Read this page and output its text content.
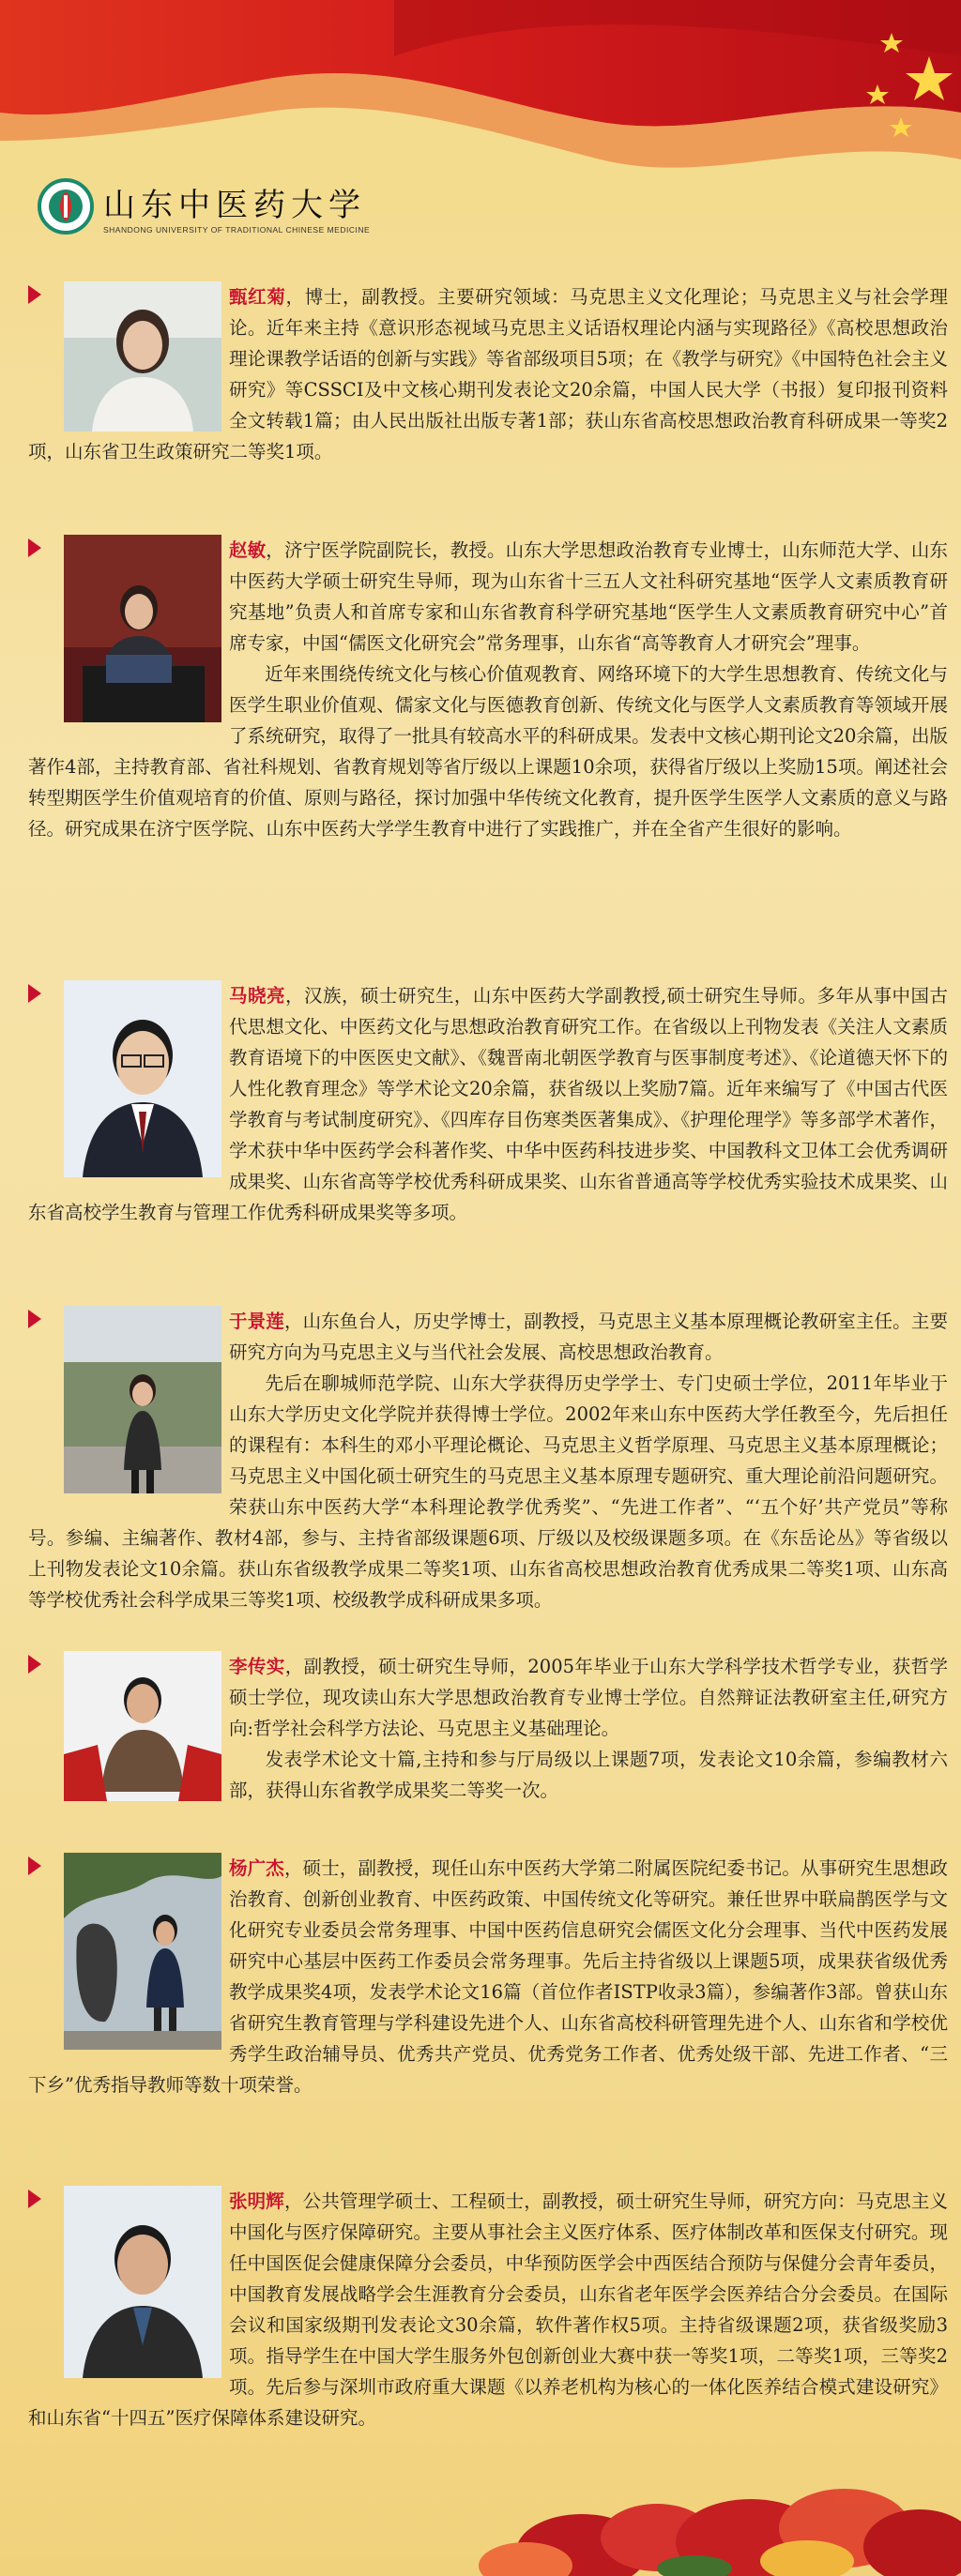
山东中医药大学
SHANDONG UNIVERSITY OF TRADITIONAL CHINESE MEDICINE

甄红菊，博士，副教授。主要研究领域：马克思主义文化理论；马克思主义与社会学理论。近年来主持《意识形态视域马克思主义话语权理论内涵与实现路径》《高校思想政治理论课教学话语的创新与实践》等省部级项目5项；在《教学与研究》《中国特色社会主义研究》等CSSCI及中文核心期刊发表论文20余篇，中国人民大学（书报）复印报刊资料全文转载1篇；由人民出版社出版专著1部；获山东省高校思想政治教育科研成果一等奖2项，山东省卫生政策研究二等奖1项。

赵敏，济宁医学院副院长，教授。山东大学思想政治教育专业博士，山东师范大学、山东中医药大学硕士研究生导师，现为山东省十三五人文社科研究基地“医学人文素质教育研究基地”负责人和首席专家和山东省教育科学研究基地“医学生人文素质教育研究中心”首席专家，中国“儒医文化研究会”常务理事，山东省“高等教育人才研究会”理事。

近年来围绕传统文化与核心价值观教育、网络环境下的大学生思想教育、传统文化与医学生职业价值观、儒家文化与医德教育创新、传统文化与医学人文素质教育等领域开展了系统研究，取得了一批具有较高水平的科研成果。发表中文核心期刊论文20余篇，出版著作4部，主持教育部、省社科规划、省教育规划等省厅级以上课题10余项，获得省厅级以上奖励15项。阐述社会转型期医学生价值观培育的价值、原则与路径，探讨加强中华传统文化教育，提升医学生医学人文素质的意义与路径。研究成果在济宁医学院、山东中医药大学学生教育中进行了实践推广，并在全省产生很好的影响。

马晓亮，汉族，硕士研究生，山东中医药大学副教授,硕士研究生导师。多年从事中国古代思想文化、中医药文化与思想政治教育研究工作。在省级以上刊物发表《关注人文素质教育语境下的中医医史文献》、《魏晋南北朝医学教育与医事制度考述》、《论道德天怀下的人性化教育理念》等学术论文20余篇，获省级以上奖励7篇。近年来编写了《中国古代医学教育与考试制度研究》、《四库存目伤寒类医著集成》、《护理伦理学》等多部学术著作，学术获中华中医药学会科著作奖、中华中医药科技进步奖、中国教科文卫体工会优秀调研成果奖、山东省高等学校优秀科研成果奖、山东省普通高等学校优秀实验技术成果奖、山东省高校学生教育与管理工作优秀科研成果奖等多项。

于景莲，山东鱼台人，历史学博士，副教授，马克思主义基本原理概论教研室主任。主要研究方向为马克思主义与当代社会发展、高校思想政治教育。

先后在聊城师范学院、山东大学获得历史学学士、专门史硕士学位，2011年毕业于山东大学历史文化学院并获得博士学位。2002年来山东中医药大学任教至今，先后担任的课程有：本科生的邓小平理论概论、马克思主义哲学原理、马克思主义基本原理概论；马克思主义中国化硕士研究生的马克思主义基本原理专题研究、重大理论前沿问题研究。荣获山东中医药大学“本科理论教学优秀奖”、“先进工作者”、“‘五个好’共产党员”等称号。参编、主编著作、教材4部，参与、主持省部级课题6项、厅级以及校级课题多项。在《东岳论丛》等省级以上刊物发表论文10余篇。获山东省级教学成果二等奖1项、山东省高校思想政治教育优秀成果二等奖1项、山东高等学校优秀社会科学成果三等奖1项、校级教学成科研成果多项。

李传实，副教授，硕士研究生导师，2005年毕业于山东大学科学技术哲学专业，获哲学硕士学位，现攻读山东大学思想政治教育专业博士学位。自然辩证法教研室主任,研究方向:哲学社会科学方法论、马克思主义基础理论。

发表学术论文十篇,主持和参与厅局级以上课题7项，发表论文10余篇，参编教材六部，获得山东省教学成果奖二等奖一次。

杨广杰，硕士，副教授，现任山东中医药大学第二附属医院纪委书记。从事研究生思想政治教育、创新创业教育、中医药政策、中国传统文化等研究。兼任世界中联扁鹊医学与文化研究专业委员会常务理事、中国中医药信息研究会儒医文化分会理事、当代中医药发展研究中心基层中医药工作委员会常务理事。先后主持省级以上课题5项，成果获省级优秀教学成果奖4项，发表学术论文16篇（首位作者ISTP收录3篇），参编著作3部。曾获山东省研究生教育管理与学科建设先进个人、山东省高校科研管理先进个人、山东省和学校优秀学生政治辅导员、优秀共产党员、优秀党务工作者、优秀处级干部、先进工作者、“三下乡”优秀指导教师等数十项荣誉。

张明辉，公共管理学硕士、工程硕士，副教授，硕士研究生导师，研究方向：马克思主义中国化与医疗保障研究。主要从事社会主义医疗体系、医疗体制改革和医保支付研究。现任中国医促会健康保障分会委员，中华预防医学会中西医结合预防与保健分会青年委员，中国教育发展战略学会生涯教育分会委员，山东省老年医学会医养结合分会委员。在国际会议和国家级期刊发表论文30余篇，软件著作权5项。主持省级课题2项，获省级奖励3项。指导学生在中国大学生服务外包创新创业大赛中获一等奖1项，二等奖1项，三等奖2项。先后参与深圳市政府重大课题《以养老机构为核心的一体化医养结合模式建设研究》和山东省“十四五”医疗保障体系建设研究。
